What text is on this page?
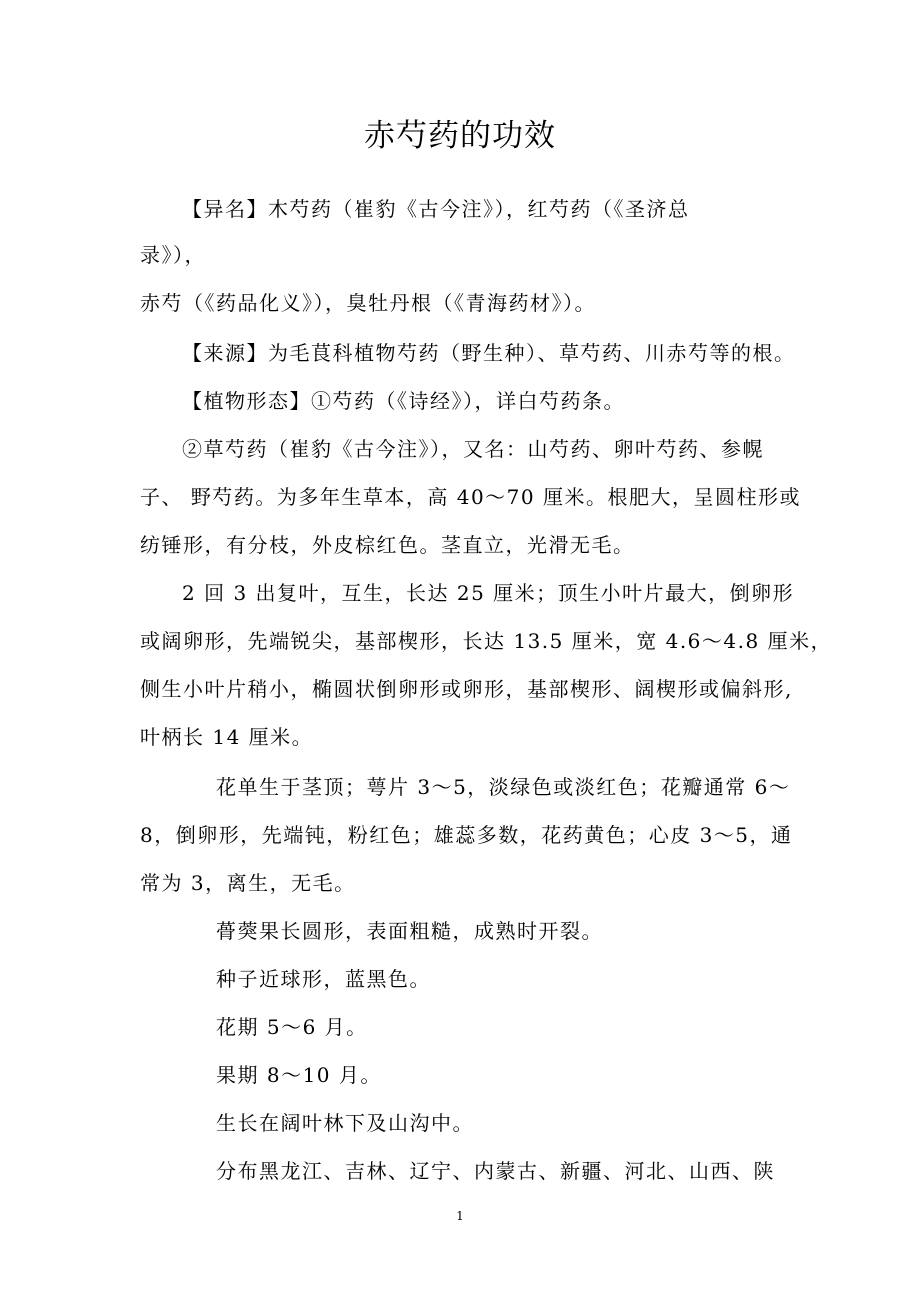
赤芍药的功效
【异名】木芍药（崔豹《古今注》），红芍药（《圣济总
录》），
赤芍（《药品化义》），臭牡丹根（《青海药材》）。
【来源】为毛茛科植物芍药（野生种）、草芍药、川赤芍等的根。
【植物形态】①芍药（《诗经》），详白芍药条。
②草芍药（崔豹《古今注》），又名：山芍药、卵叶芍药、参幌
子、 野芍药。为多年生草本，高 40～70 厘米。根肥大，呈圆柱形或
纺锤形，有分枝，外皮棕红色。茎直立，光滑无毛。
2 回 3 出复叶，互生，长达 25 厘米；顶生小叶片最大，倒卵形
或阔卵形，先端锐尖，基部楔形，长达 13.5 厘米，宽 4.6～4.8 厘米，
侧生小叶片稍小，椭圆状倒卵形或卵形，基部楔形、阔楔形或偏斜形,
叶柄长 14 厘米。
花单生于茎顶；萼片 3～5，淡绿色或淡红色；花瓣通常 6～
8，倒卵形，先端钝，粉红色；雄蕊多数，花药黄色；心皮 3～5，通
常为 3，离生，无毛。
蓇葖果长圆形，表面粗糙，成熟时开裂。
种子近球形，蓝黑色。
花期 5～6 月。
果期 8～10 月。
生长在阔叶林下及山沟中。
分布黑龙江、吉林、辽宁、内蒙古、新疆、河北、山西、陕
1
